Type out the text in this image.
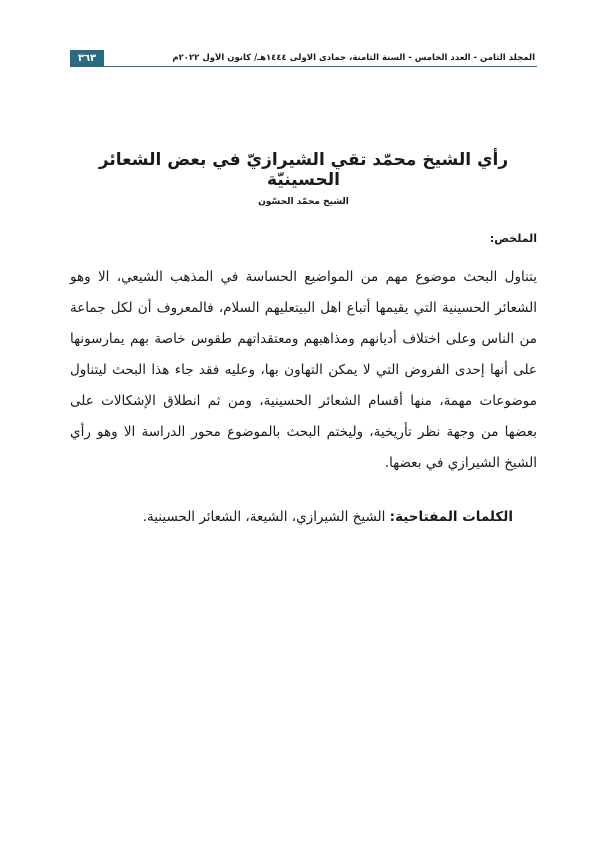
٣٦٣	المجلد الثامن - العدد الخامس - السنة الثامنة، جمادى الاولى ١٤٤٤هـ/ كانون الأول ٢٠٢٢م
رأي الشيخ محمّد تقي الشيرازيّ في بعض الشعائر الحسينيّة
الشيخ محمّد الحسّون
الملخص:

يتناول البحث موضوع مهم من المواضيع الحساسة في المذهب الشيعي، الا وهو الشعائر الحسينية التي يقيمها أتباع اهل البيتعليهم السلام، فالمعروف أن لكل جماعة من الناس وعلى اختلاف أديانهم ومذاهبهم ومعتقداتهم طقوس خاصة بهم يمارسونها على أنها إحدى الفروض التي لا يمكن التهاون بها، وعليه فقد جاء هذا البحث ليتناول موضوعات مهمة، منها أقسام الشعائر الحسينية، ومن ثم انطلاق الإشكالات على بعضها من وجهة نظر تأريخية، وليختم البحث بالموضوع محور الدراسة الا وهو رأي الشيخ الشيرازي في بعضها.

الكلمات المفتاحية: الشيخ الشيرازي، الشيعة، الشعائر الحسينية.
